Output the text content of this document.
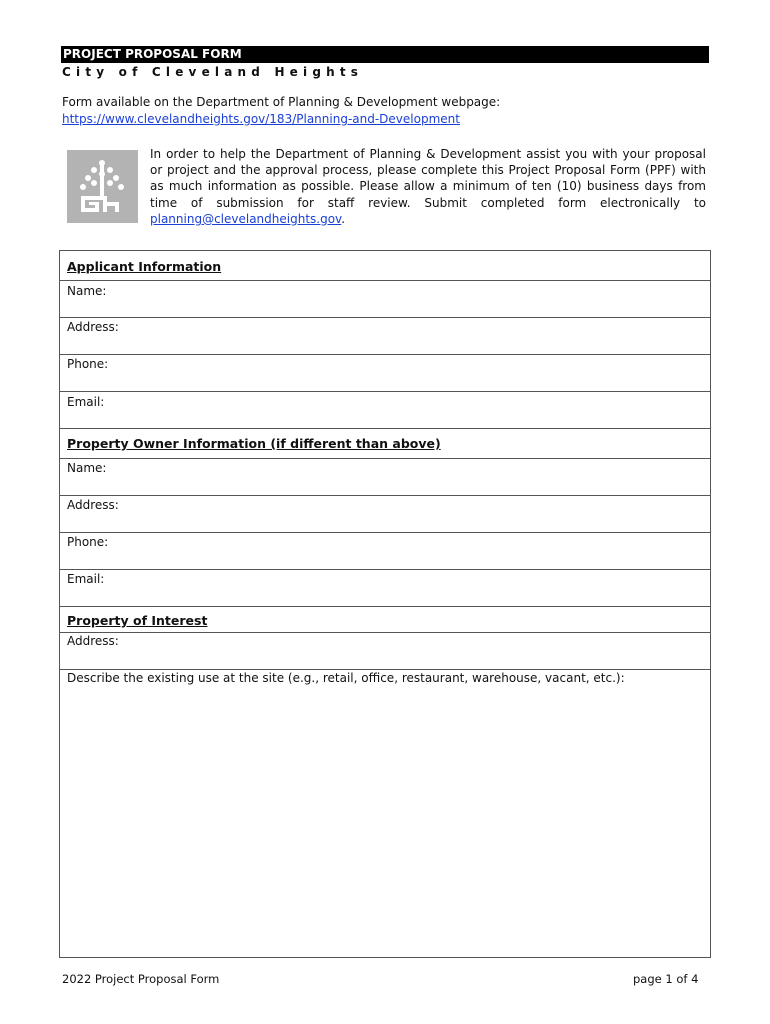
PROJECT PROPOSAL FORM
City of Cleveland Heights
Form available on the Department of Planning & Development webpage:
https://www.clevelandheights.gov/183/Planning-and-Development
In order to help the Department of Planning & Development assist you with your proposal or project and the approval process, please complete this Project Proposal Form (PPF) with as much information as possible. Please allow a minimum of ten (10) business days from time of submission for staff review. Submit completed form electronically to planning@clevelandheights.gov.
Applicant Information
Name:
Address:
Phone:
Email:
Property Owner Information (if different than above)
Name:
Address:
Phone:
Email:
Property of Interest
Address:
Describe the existing use at the site (e.g., retail, office, restaurant, warehouse, vacant, etc.):
2022 Project Proposal Form	page 1 of 4
